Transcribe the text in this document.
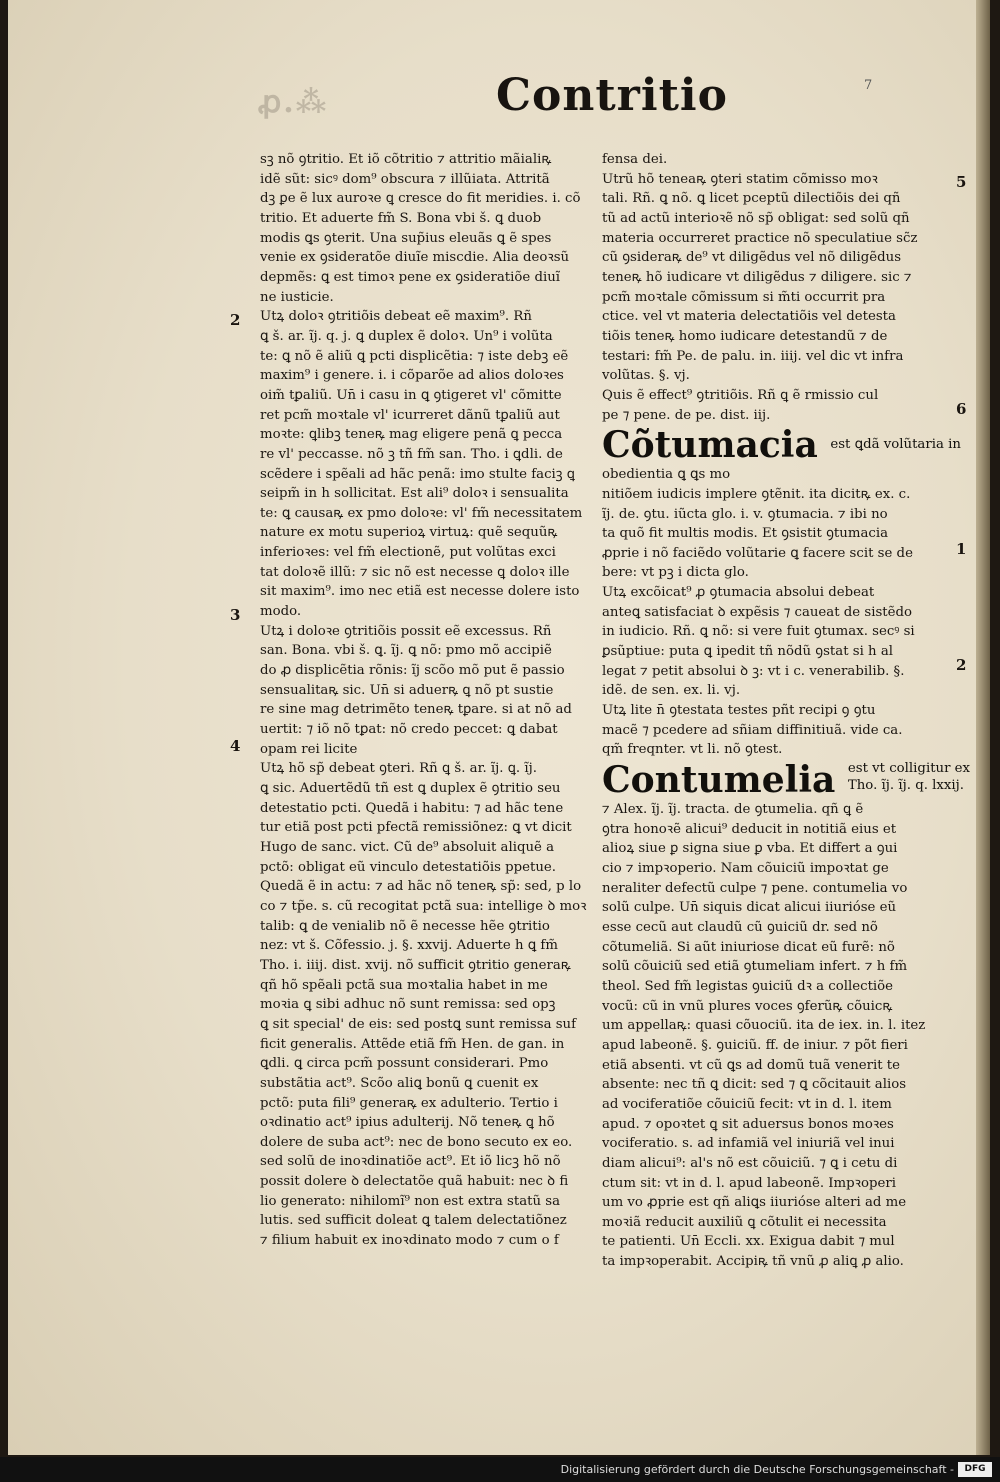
ꝓ.⁂	Contritio	7
sꝫ nõ ꝯtritio. Et iõ cõtritio ⁊ attritio mãialiꝶ
idẽ sũt: sicꝰ dom⁹ obscura ⁊ illũiata. Attritã
dꝫ ꝑe ẽ lux auroꝛe ꝗ cresce do fit meridies. i. cõ
tritio. Et aduerte fm̃ S. Bona vbi š. ꝗ duob
modis ꝗs ꝯterit. Una sup̃ius eleuãs ꝗ ẽ spes
venie ex ꝯsideratõe diuĩe miscdie. Alia deoꝛsũ
depmẽs: ꝗ est timoꝛ pene ex ꝯsideratiõe diuĩ
ne iusticie.
Utꝝ doloꝛ ꝯtritiõis debeat eẽ maxim⁹. Rñ
ꝗ š. ar. ĩj. q. j. ꝗ duplex ẽ doloꝛ. Un⁹ i volũta
te: ꝗ nõ ẽ aliũ ꝗ pcti displicẽtia: ⁊ iste debꝫ eẽ
maxim⁹ i genere. i. i cõparõe ad alios doloꝛes
oim̃ tꝑaliũ. Un̄ i casu in ꝗ ꝯtigeret vl' cõmitte
ret pcm̃ moꝛtale vl' icurreret dãnũ tꝑaliũ aut
moꝛte: ꝗlibꝫ teneꝶ mag eligere penã ꝗ pecca
re vl' peccasse. nõ ꝫ tñ fm̃ san. Tho. i ꝗdli. de
scẽdere i spẽali ad hãc penã: imo stulte faciꝫ ꝗ
seipm̃ in h sollicitat. Est ali⁹ doloꝛ i sensualita
te: ꝗ causaꝶ ex pmo doloꝛe: vl' fm̃ necessitatem
nature ex motu superioꝝ virtuꝝ: quẽ sequũꝶ
inferioꝛes: vel fm̃ electionẽ, put volũtas exci
tat doloꝛẽ illũ: ⁊ sic nõ est necesse ꝗ doloꝛ ille
sit maxim⁹. imo nec etiã est necesse dolere isto
modo.
Utꝝ i doloꝛe ꝯtritiõis possit eẽ excessus. Rñ
san. Bona. vbi š. ꝗ. ĩj. ꝗ nõ: pmo mõ accipiẽ
do ꝓ displicẽtia rõnis: ĩj scõo mõ put ẽ passio
sensualitaꝶ sic. Un̄ si aduerꝶ ꝗ nõ pt sustie
re sine mag detrimẽto teneꝶ tꝑare. si at nõ ad
uertit: ⁊ iõ nõ tꝑat: nõ credo peccet: ꝗ dabat
opam rei licite
Utꝝ hõ sp̃ debeat ꝯteri. Rñ ꝗ š. ar. ĩj. ꝗ. ĩj.
ꝗ sic. Aduertẽdũ tñ est ꝗ duplex ẽ ꝯtritio seu
detestatio pcti. Quedã i habitu: ⁊ ad hãc tene
tur etiã post pcti pfectã remissiõnez: ꝗ vt dicit
Hugo de sanc. vict. Cũ de⁹ absoluit aliquẽ a
pctõ: obligat eũ vinculo detestatiõis ppetue.
Quedã ẽ in actu: ⁊ ad hãc nõ teneꝶ sp̃: sed, p lo
co ⁊ tp̃e. s. cũ recogitat pctã sua: intellige ꝺ moꝛ
talib: ꝗ de venialib nõ ẽ necesse hẽe ꝯtritio
nez: vt š. Cõfessio. j. §. xxvij. Aduerte h ꝗ fm̃
Tho. i. iiij. dist. xvij. nõ sufficit ꝯtritio generaꝶ
qñ hõ spẽali pctã sua moꝛtalia habet in me
moꝛia ꝗ sibi adhuc nõ sunt remissa: sed opꝫ
ꝗ sit special' de eis: sed postꝗ sunt remissa suf
ficit generalis. Attẽde etiã fm̃ Hen. de gan. in
ꝗdli. ꝗ circa pcm̃ possunt considerari. Pmo
substãtia act⁹. Scõo aliꝗ bonũ ꝗ cuenit ex
pctõ: puta fili⁹ generaꝶ ex adulterio. Tertio i
oꝛdinatio act⁹ ipius adulterij. Nõ teneꝶ ꝗ hõ
dolere de suba act⁹: nec de bono secuto ex eo.
sed solũ de inoꝛdinatiõe act⁹. Et iõ licꝫ hõ nõ
possit dolere ꝺ delectatõe quã habuit: nec ꝺ fi
lio generato: nihilomĩ⁹ non est extra statũ sa
lutis. sed sufficit doleat ꝗ talem delectatiõnez
⁊ filium habuit ex inoꝛdinato modo ⁊ cum o f
fensa dei.
Utrũ hõ teneaꝶ ꝯteri statim cõmisso moꝛ
tali. Rñ. ꝗ nõ. ꝗ licet pceptũ dilectiõis dei qñ
tũ ad actũ interioꝛẽ nõ sp̃ obligat: sed solũ qñ
materia occurreret practice nõ speculatiue sc̃z
cũ ꝯsideraꝶ de⁹ vt diligẽdus vel nõ diligẽdus
teneꝶ hõ iudicare vt diligẽdus ⁊ diligere. sic ⁊
pcm̃ moꝛtale cõmissum si m̃ti occurrit pra
ctice. vel vt materia delectatiõis vel detesta
tiõis teneꝶ homo iudicare detestandũ ⁊ de
testari: fm̃ Pe. de palu. in. iiij. vel dic vt infra
volũtas. §. vj.
Quis ẽ effect⁹ ꝯtritiõis. Rñ ꝗ ẽ rmissio cul
pe ⁊ pene. de pe. dist. iij.
Cõtumacia $^{est ꝗdã volũtaria in}$
obedientia ꝗ ꝗs mo
nitiõem iudicis implere ꝯtẽnit. ita dicitꝶ ex. c.
ĩj. de. ꝯtu. iũcta glo. i. v. ꝯtumacia. ⁊ ibi no
ta quõ fit multis modis. Et ꝯsistit ꝯtumacia
ꝓprie i nõ faciẽdo volũtarie ꝗ facere scit se de
bere: vt pꝫ i dicta glo.
Utꝝ excõicat⁹ ꝓ ꝯtumacia absolui debeat
anteꝗ satisfaciat ꝺ expẽsis ⁊ caueat de sistẽdo
in iudicio. Rñ. ꝗ nõ: si vere fuit ꝯtumax. secꝰ si
ꝑsũptiue: puta ꝗ ipedit tñ nõdũ ꝯstat si h al
legat ⁊ petit absolui ꝺ ꝫ: vt i c. venerabilib. §.
idẽ. de sen. ex. li. vj.
Utꝝ lite n̄ ꝯtestata testes pñt recipi ꝯ ꝯtu
macẽ ⁊ pcedere ad sñiam diffinitiuã. vide ca.
qm̃ freqnter. vt li. nõ ꝯtest.
Contumelia est vt colligitur ex
Tho. ĩj. ĩj. q. lxxij.
⁊ Alex. ĩj. ĩj. tracta. de ꝯtumelia. qñ ꝗ ẽ
ꝯtra honoꝛẽ alicui⁹ deducit in notitiã eius et
alioꝝ siue ꝑ signa siue ꝑ vba. Et differt a ꝯui
cio ⁊ impꝛoperio. Nam cõuiciũ impoꝛtat ge
neraliter defectũ culpe ⁊ pene. contumelia vo
solũ culpe. Un̄ siquis dicat alicui iiurióse eũ
esse cecũ aut claudũ cũ ꝯuiciũ dr. sed nõ
cõtumeliã. Si aũt iniuriose dicat eũ furẽ: nõ
solũ cõuiciũ sed etiã ꝯtumeliam infert. ⁊ h fm̃
theol. Sed fm̃ legistas ꝯuiciũ dꝛ a collectiõe
vocũ: cũ in vnũ plures voces ꝯferũꝶ cõuicꝶ
um appellaꝶ: quasi cõuociũ. ita de iex. in. l. itez
apud labeonẽ. §. ꝯuiciũ. ff. de iniur. ⁊ põt fieri
etiã absenti. vt cũ ꝗs ad domũ tuã venerit te
absente: nec tñ ꝗ dicit: sed ⁊ ꝗ cõcitauit alios
ad vociferatiõe cõuiciũ fecit: vt in d. l. item
apud. ⁊ opoꝛtet ꝗ sit aduersus bonos moꝛes
vociferatio. s. ad infamiã vel iniuriã vel inui
diam alicui⁹: al's nõ est cõuiciũ. ⁊ ꝗ i cetu di
ctum sit: vt in d. l. apud labeonẽ. Impꝛoperi
um vo ꝓprie est qñ aliꝗs iiurióse alteri ad me
moꝛiã reducit auxiliũ ꝗ cõtulit ei necessita
te patienti. Un̄ Eccli. xx. Exigua dabit ⁊ mul
ta impꝛoperabit. Accipiꝶ tñ vnũ ꝓ aliꝗ ꝓ alio.
2
3
4
5
6
1
2
Digitalisierung gefördert durch die Deutsche Forschungsgemeinschaft -	DFG
